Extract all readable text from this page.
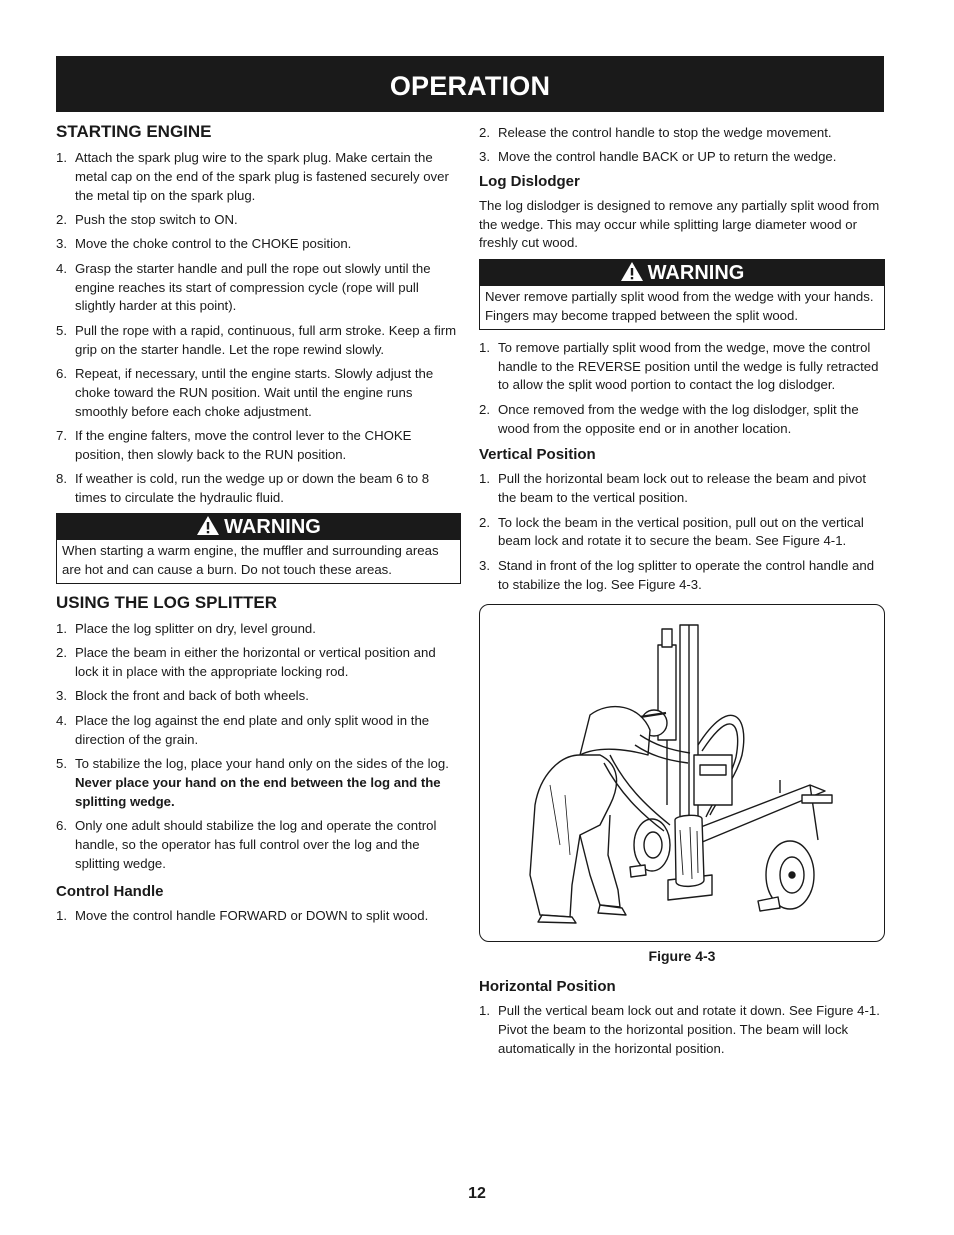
OPERATION
STARTING ENGINE
1. Attach the spark plug wire to the spark plug. Make certain the metal cap on the end of the spark plug is fastened securely over the metal tip on the spark plug.
2. Push the stop switch to ON.
3. Move the choke control to the CHOKE position.
4. Grasp the starter handle and pull the rope out slowly until the engine reaches its start of compression cycle (rope will pull slightly harder at this point).
5. Pull the rope with a rapid, continuous, full arm stroke. Keep a firm grip on the starter handle. Let the rope rewind slowly.
6. Repeat, if necessary, until the engine starts. Slowly adjust the choke toward the RUN position. Wait until the engine runs smoothly before each choke adjustment.
7. If the engine falters, move the control lever to the CHOKE position, then slowly back to the RUN position.
8. If weather is cold, run the wedge up or down the beam 6 to 8 times to circulate the hydraulic fluid.
WARNING
When starting a warm engine, the muffler and surrounding areas are hot and can cause a burn. Do not touch these areas.
USING THE LOG SPLITTER
1. Place the log splitter on dry, level ground.
2. Place the beam in either the horizontal or vertical position and lock it in place with the appropriate locking rod.
3. Block the front and back of both wheels.
4. Place the log against the end plate and only split wood in the direction of the grain.
5. To stabilize the log, place your hand only on the sides of the log. Never place your hand on the end between the log and the splitting wedge.
6. Only one adult should stabilize the log and operate the control handle, so the operator has full control over the log and the splitting wedge.
Control Handle
1. Move the control handle FORWARD or DOWN to split wood.
2. Release the control handle to stop the wedge movement.
3. Move the control handle BACK or UP to return the wedge.
Log Dislodger

The log dislodger is designed to remove any partially split wood from the wedge. This may occur while splitting large diameter wood or freshly cut wood.

WARNING
Never remove partially split wood from the wedge with your hands. Fingers may become trapped between the split wood.
1. To remove partially split wood from the wedge, move the control handle to the REVERSE position until the wedge is fully retracted to allow the split wood portion to contact the log dislodger.
2. Once removed from the wedge with the log dislodger, split the wood from the opposite end or in another location.
Vertical Position
1. Pull the horizontal beam lock out to release the beam and pivot the beam to the vertical position.
2. To lock the beam in the vertical position, pull out on the vertical beam lock and rotate it to secure the beam. See Figure 4-1.
3. Stand in front of the log splitter to operate the control handle and to stabilize the log. See Figure 4-3.
Figure 4-3
Horizontal Position
1. Pull the vertical beam lock out and rotate it down. See Figure 4-1. Pivot the beam to the horizontal position. The beam will lock automatically in the horizontal position.
12
